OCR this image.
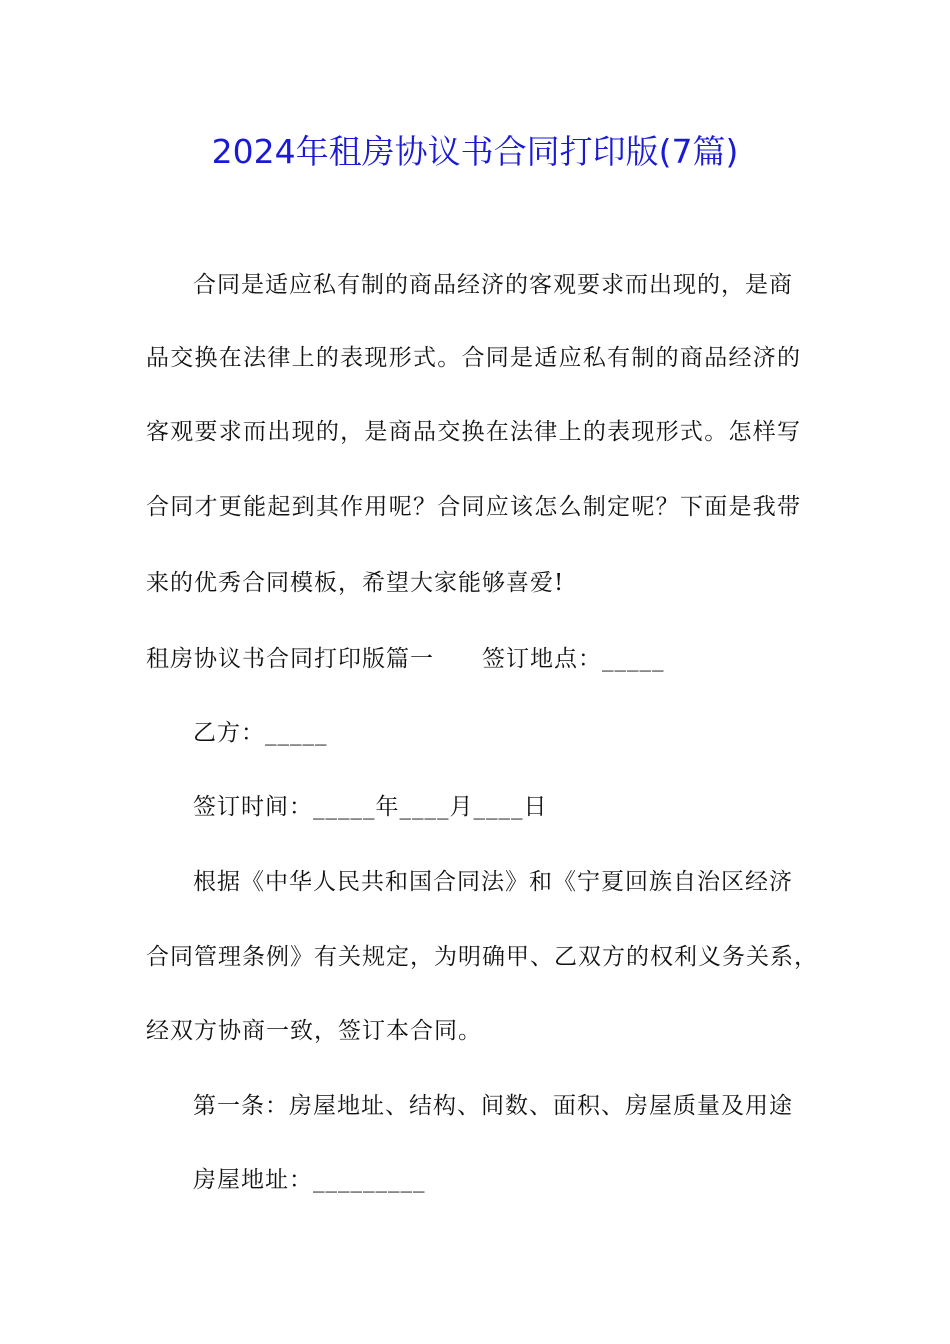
2024年租房协议书合同打印版(7篇)
合同是适应私有制的商品经济的客观要求而出现的，是商
品交换在法律上的表现形式。合同是适应私有制的商品经济的
客观要求而出现的，是商品交换在法律上的表现形式。怎样写
合同才更能起到其作用呢？合同应该怎么制定呢？下面是我带
来的优秀合同模板，希望大家能够喜爱!
租房协议书合同打印版篇一 签订地点：_____
乙方：_____
签订时间：_____年____月____日
根据《中华人民共和国合同法》和《宁夏回族自治区经济
合同管理条例》有关规定，为明确甲、乙双方的权利义务关系，
经双方协商一致，签订本合同。
第一条：房屋地址、结构、间数、面积、房屋质量及用途
房屋地址：_________
